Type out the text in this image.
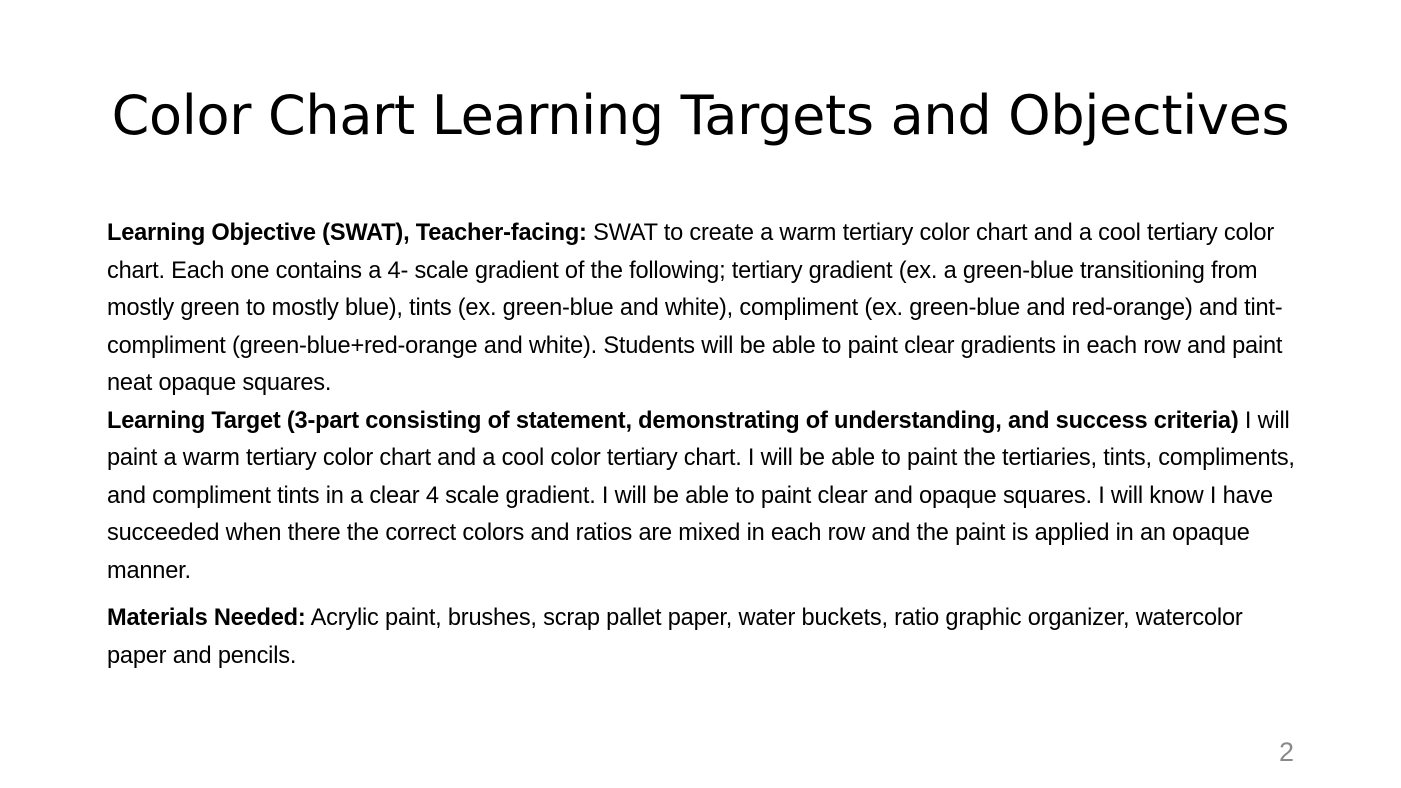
Color Chart Learning Targets and Objectives

Learning Objective (SWAT), Teacher-facing: SWAT to create a warm tertiary color chart and a cool tertiary color chart. Each one contains a 4- scale gradient of the following; tertiary gradient (ex. a green-blue transitioning from mostly green to mostly blue), tints (ex. green-blue and white), compliment (ex. green-blue and red-orange) and tint-compliment (green-blue+red-orange and white). Students will be able to paint clear gradients in each row and paint neat opaque squares.

Learning Target (3-part consisting of statement, demonstrating of understanding, and success criteria) I will paint a warm tertiary color chart and a cool color tertiary chart. I will be able to paint the tertiaries, tints, compliments, and compliment tints in a clear 4 scale gradient. I will be able to paint clear and opaque squares. I will know I have succeeded when there the correct colors and ratios are mixed in each row and the paint is applied in an opaque manner.

Materials Needed: Acrylic paint, brushes, scrap pallet paper, water buckets, ratio graphic organizer, watercolor paper and pencils.

2
